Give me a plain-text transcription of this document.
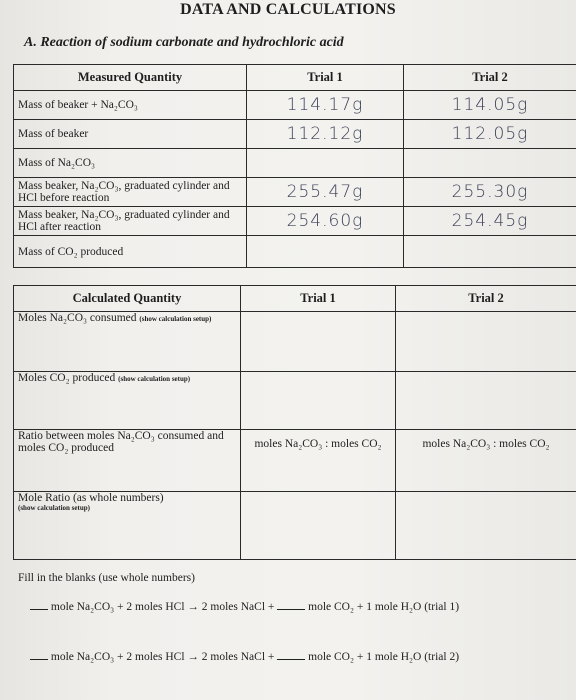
DATA AND CALCULATIONS
A. Reaction of sodium carbonate and hydrochloric acid
Measured Quantity	Trial 1	Trial 2
Mass of beaker + Na₂CO₃	114.17g	114.05g
Mass of beaker	112.12g	112.05g
Mass of Na₂CO₃		
Mass beaker, Na₂CO₃, graduated cylinder and HCl before reaction	255.47g	255.30g
Mass beaker, Na₂CO₃, graduated cylinder and HCl after reaction	254.60g	254.45g
Mass of CO₂ produced		
Calculated Quantity	Trial 1	Trial 2
Moles Na₂CO₃ consumed (show calculation setup)		
Moles CO₂ produced (show calculation setup)		
Ratio between moles Na₂CO₃ consumed and moles CO₂ produced	moles Na₂CO₃ : moles CO₂	moles Na₂CO₃ : moles CO₂

Mole Ratio (as whole numbers)
(show calculation setup)		

Fill in the blanks (use whole numbers)
mole Na₂CO₃ + 2 moles HCl → 2 moles NaCl +	mole CO₂ + 1 mole H₂O (trial 1)
mole Na₂CO₃ + 2 moles HCl → 2 moles NaCl +	mole CO₂ + 1 mole H₂O (trial 2)
